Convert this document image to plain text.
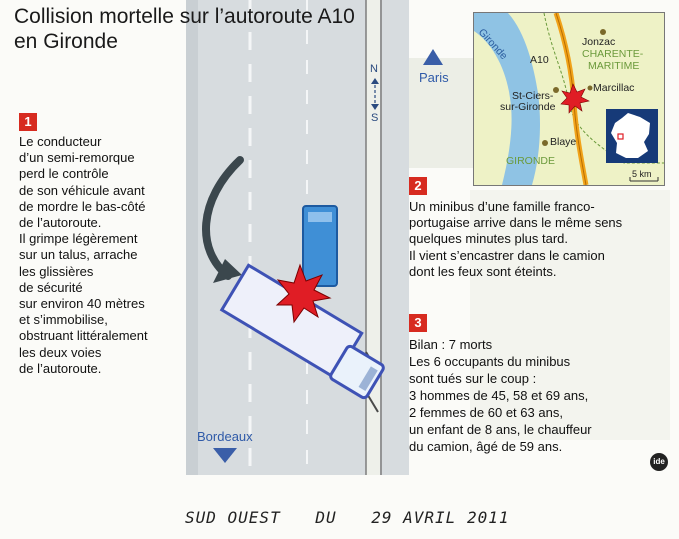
Collision mortelle sur l’autoroute A10
en Gironde
1
Le conducteur
d’un semi-remorque
perd le contrôle
de son véhicule avant
de mordre le bas-côté
de l’autoroute.
Il grimpe légèrement
sur un talus, arrache
les glissières
de sécurité
sur environ 40 mètres
et s’immobilise,
obstruant littéralement
les deux voies
de l’autoroute.
2
Un minibus d’une famille franco-
portugaise arrive dans le même sens
quelques minutes plus tard.
Il vient s’encastrer dans le camion
dont les feux sont éteints.
3
Bilan : 7 morts
Les 6 occupants du minibus
sont tués sur le coup :
3 hommes de 45, 58 et 69 ans,
2 femmes de 60 et 63 ans,
un enfant de 8 ans, le chauffeur
du camion, âgé de 59 ans.
N
S
Paris
Bordeaux
Gironde A10
Jonzac
CHARENTE-
MARITIME
St-Ciers-
sur-Gironde
Marcillac
Blaye
GIRONDE
5 km
ide
SUD OUEST DU 29 AVRIL 2011
